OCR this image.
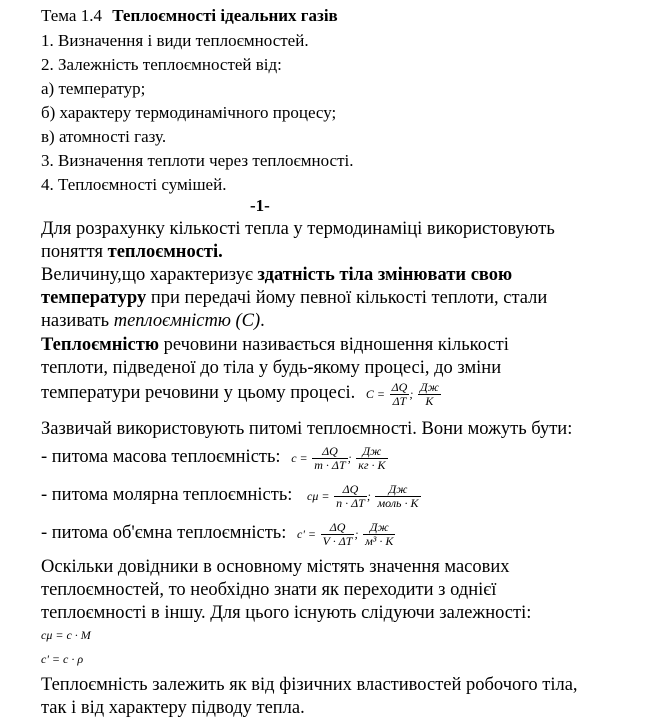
Тема 1.4 Теплоємності ідеальних газів
1. Визначення і види теплоємностей.
2. Залежність теплоємностей від:
а) температур;
б) характеру термодинамічного процесу;
в) атомності газу.
3. Визначення теплоти через теплоємності.
4. Теплоємності сумішей.
-1-
Для розрахунку кількості тепла у термодинаміці використовують
поняття теплоємності.
Величину,що характеризує здатність тіла змінювати свою
температуру при передачі йому певної кількості теплоти, стали
називать теплоємністю (С).
Теплоємністю речовини називається відношення кількості
теплоти, підведеної до тіла у будь-якому процесі, до зміни
температури речовини у цьому процесі. $C = \frac{\Delta Q}{\Delta T}$ ; $\frac{Дж}{К}$
Зазвичай використовують питомі теплоємності. Вони можуть бути:
- питома масова теплоємність: $c = \frac{\Delta Q}{m \cdot \Delta T}$ ; $\frac{Дж}{кг \cdot К}$
- питома молярна теплоємність: $c\mu = \frac{\Delta Q}{n \cdot \Delta T}$ ; $\frac{Дж}{\text{моль · К}}$
- питома об'ємна теплоємність: $c' = \frac{\Delta Q}{V \cdot \Delta T}$ ; $\frac{Дж}{\text{м³ · К}}$
Оскільки довідники в основному містять значення масових
теплоємностей, то необхідно знати як переходити з однієї
теплоємності в іншу. Для цього існують слідуючи залежності:
cμ = c · M
c' = c · ρ
Теплоємність залежить як від фізичних властивостей робочого тіла,
так і від характеру підводу тепла.
